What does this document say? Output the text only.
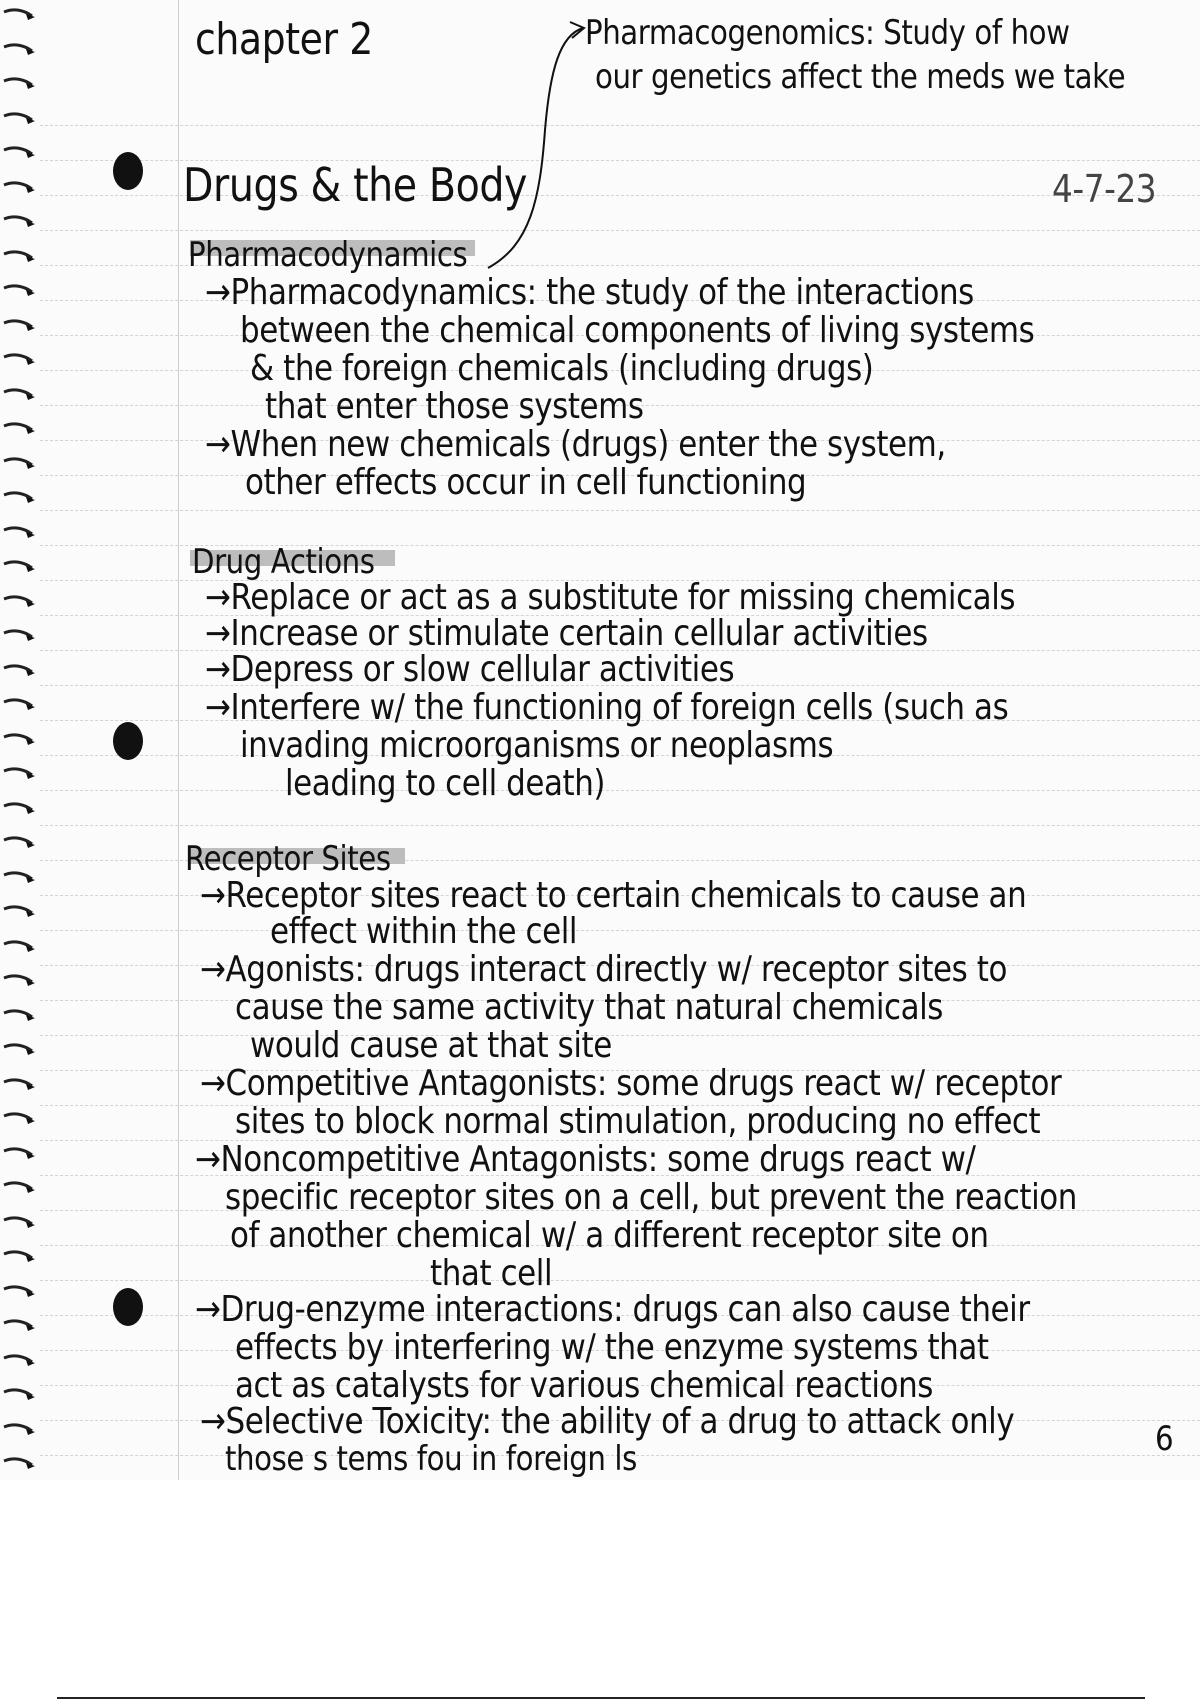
chapter 2
Drugs & the Body	4-7-23
Pharmacogenomics: Study of how
our genetics affect the meds we take
Pharmacodynamics
→Pharmacodynamics: the study of the interactions
between the chemical components of living systems
& the foreign chemicals (including drugs)
that enter those systems
→When new chemicals (drugs) enter the system,
other effects occur in cell functioning
Drug Actions
→Replace or act as a substitute for missing chemicals
→Increase or stimulate certain cellular activities
→Depress or slow cellular activities
→Interfere w/ the functioning of foreign cells (such as
invading microorganisms or neoplasms
leading to cell death)
Receptor Sites
→Receptor sites react to certain chemicals to cause an
effect within the cell
→Agonists: drugs interact directly w/ receptor sites to
cause the same activity that natural chemicals
would cause at that site
→Competitive Antagonists: some drugs react w/ receptor
sites to block normal stimulation, producing no effect
→Noncompetitive Antagonists: some drugs react w/
specific receptor sites on a cell, but prevent the reaction
of another chemical w/ a different receptor site on
that cell
→Drug-enzyme interactions: drugs can also cause their
effects by interfering w/ the enzyme systems that
act as catalysts for various chemical reactions
→Selective Toxicity: the ability of a drug to attack only
those s tems fou in foreign ls	6
